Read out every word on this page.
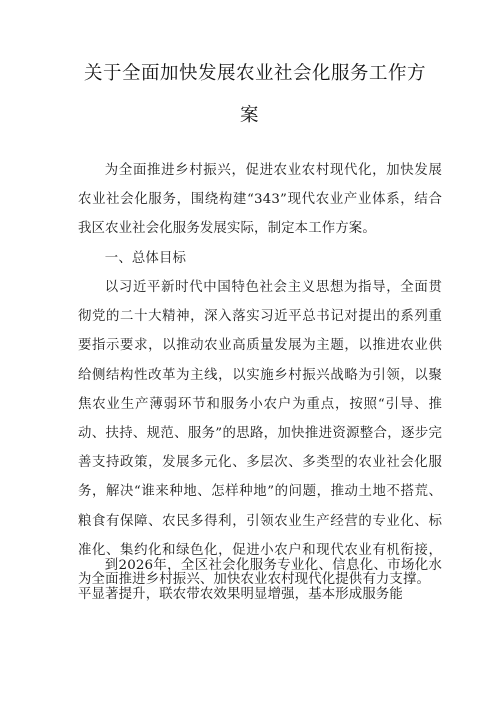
关于全面加快发展农业社会化服务工作方
案

为全面推进乡村振兴，促进农业农村现代化，加快发展农业社会化服务，围绕构建“343”现代农业产业体系，结合我区农业社会化服务发展实际，制定本工作方案。

一、总体目标

以习近平新时代中国特色社会主义思想为指导，全面贯彻党的二十大精神，深入落实习近平总书记对提出的系列重要指示要求，以推动农业高质量发展为主题，以推进农业供给侧结构性改革为主线，以实施乡村振兴战略为引领，以聚焦农业生产薄弱环节和服务小农户为重点，按照“引导、推动、扶持、规范、服务”的思路，加快推进资源整合，逐步完善支持政策，发展多元化、多层次、多类型的农业社会化服务，解决“谁来种地、怎样种地”的问题，推动土地不搭荒、粮食有保障、农民多得利，引领农业生产经营的专业化、标准化、集约化和绿色化，促进小农户和现代农业有机衔接，为全面推进乡村振兴、加快农业农村现代化提供有力支撑。

到2026年，全区社会化服务专业化、信息化、市场化水平显著提升，联农带农效果明显增强，基本形成服务能
